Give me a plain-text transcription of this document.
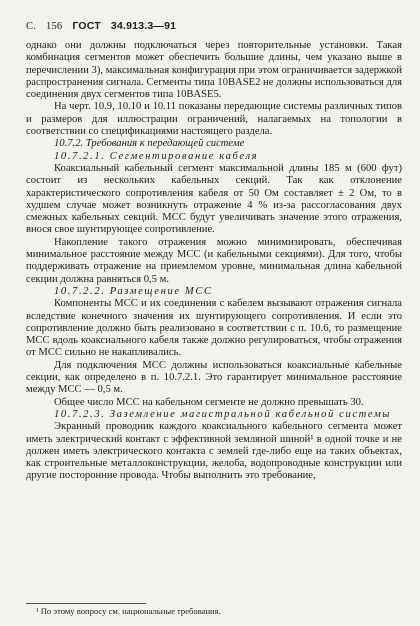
С. 156 ГОСТ 34.913.3—91

однако они должны подключаться через повторительные установки. Такая комбинация сегментов может обеспечить большие длины, чем указано выше в перечислении 3), максимальная конфигурация при этом ограничивается задержкой распространения сигнала. Сегменты типа 10BASE2 не должны использоваться для соединения двух сегментов типа 10BASE5.

На черт. 10.9, 10.10 и 10.11 показаны передающие системы различных типов и размеров для иллюстрации ограничений, налагаемых на топологии в соответствии со спецификациями настоящего раздела.

10.7.2. Требования к передающей системе

10.7.2.1. Сегментирование кабеля

Коаксиальный кабельный сегмент максимальной длины 185 м (600 фут) состоит из нескольких кабельных секций. Так как отклонение характеристического сопротивления кабеля от 50 Ом составляет ± 2 Ом, то в худшем случае может возникнуть отражение 4 % из-за рассогласования двух смежных кабельных секций. МСС будут увеличивать значение этого отражения, внося свое шунтирующее сопротивление.

Накопление такого отражения можно минимизировать, обеспечивая минимальное расстояние между МСС (и кабельными секциями). Для того, чтобы поддерживать отражение на приемлемом уровне, минимальная длина кабельной секции должна равняться 0,5 м.

10.7.2.2. Размещение МСС

Компоненты МСС и их соединения с кабелем вызывают отражения сигнала вследствие конечного значения их шунтирующего сопротивления. И если это сопротивление должно быть реализовано в соответствии с п. 10.6, то размещение МСС вдоль коаксиального кабеля также должно регулироваться, чтобы отражения от МСС сильно не накапливались.

Для подключения МСС должны использоваться коаксиальные кабельные секции, как определено в п. 10.7.2.1. Это гарантирует минимальное расстояние между МСС — 0,5 м.

Общее число МСС на кабельном сегменте не должно превышать 30.

10.7.2.3. Заземление магистральной кабельной системы

Экранный проводник каждого коаксиального кабельного сегмента может иметь электрический контакт с эффективной земляной шиной¹ в одной точке и не должен иметь электрического контакта с землей где-либо еще на таких объектах, как строительные металлоконструкции, желоба, водопроводные конструкции или другие посторонние провода. Чтобы выполнить это требование,

¹ По этому вопросу см. национальные требования.
